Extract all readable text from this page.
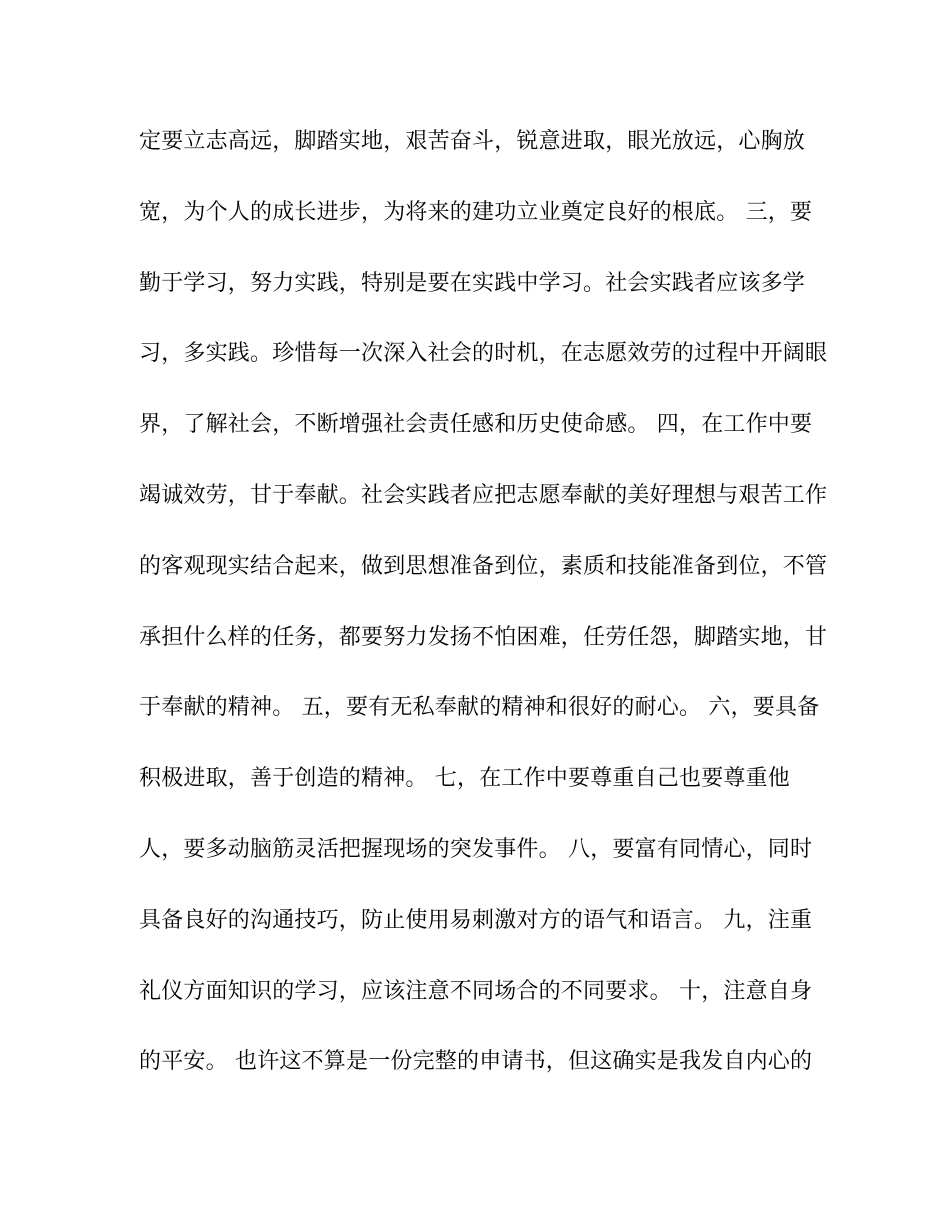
定要立志高远，脚踏实地，艰苦奋斗，锐意进取，眼光放远，心胸放
宽，为个人的成长进步，为将来的建功立业奠定良好的根底。 三，要
勤于学习，努力实践，特别是要在实践中学习。社会实践者应该多学
习，多实践。珍惜每一次深入社会的时机，在志愿效劳的过程中开阔眼
界，了解社会，不断增强社会责任感和历史使命感。 四，在工作中要
竭诚效劳，甘于奉献。社会实践者应把志愿奉献的美好理想与艰苦工作
的客观现实结合起来，做到思想准备到位，素质和技能准备到位，不管
承担什么样的任务，都要努力发扬不怕困难，任劳任怨，脚踏实地，甘
于奉献的精神。 五，要有无私奉献的精神和很好的耐心。 六，要具备
积极进取，善于创造的精神。 七，在工作中要尊重自己也要尊重他
人，要多动脑筋灵活把握现场的突发事件。 八，要富有同情心，同时
具备良好的沟通技巧，防止使用易刺激对方的语气和语言。 九，注重
礼仪方面知识的学习，应该注意不同场合的不同要求。 十，注意自身
的平安。 也许这不算是一份完整的申请书，但这确实是我发自内心的
